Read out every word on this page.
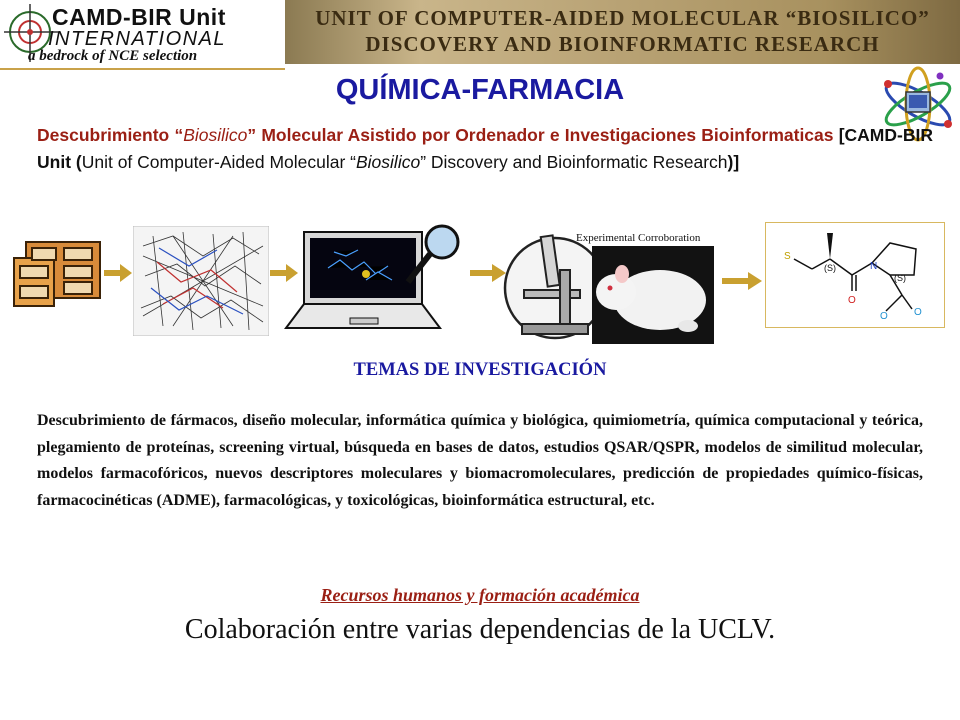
CAMD-BIR Unit
INTERNATIONAL
a bedrock of NCE selection
UNIT OF COMPUTER-AIDED MOLECULAR “BIOSILICO”
DISCOVERY AND BIOINFORMATIC RESEARCH
QUÍMICA-FARMACIA
Descubrimiento “Biosilico” Molecular Asistido por Ordenador e Investigaciones Bioinformaticas [CAMD-BIR Unit (Unit of Computer-Aided Molecular “Biosilico” Discovery and Bioinformatic Research)]
Experimental Corroboration
S
(S)
(S)
N
O
O	O
TEMAS DE INVESTIGACIÓN
Descubrimiento de fármacos, diseño molecular, informática química y biológica, quimiometría, química computacional y teórica, plegamiento de proteínas, screening virtual, búsqueda en bases de datos, estudios QSAR/QSPR, modelos de similitud molecular, modelos farmacofóricos, nuevos descriptores moleculares y biomacromoleculares, predicción de propiedades químico-físicas, farmacocinéticas (ADME), farmacológicas, y toxicológicas, bioinformática estructural, etc.
Recursos humanos y formación académica
Colaboración entre varias dependencias de la UCLV.
